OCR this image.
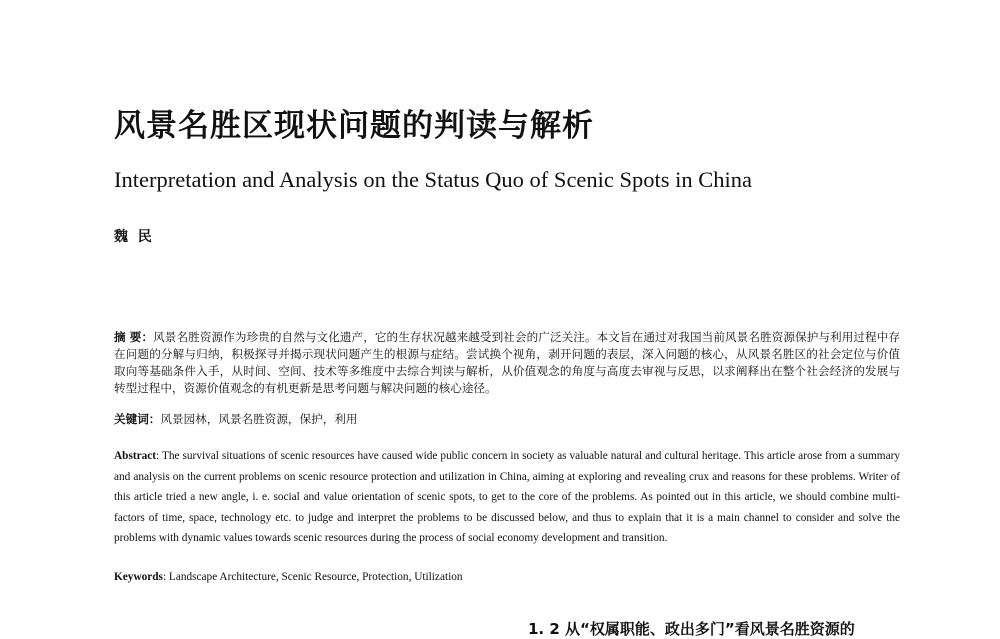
风景名胜区现状问题的判读与解析
Interpretation and Analysis on the Status Quo of Scenic Spots in China
魏  民
摘 要：风景名胜资源作为珍贵的自然与文化遗产，它的生存状况越来越受到社会的广泛关注。本文旨在通过对我国当前风景名胜资源保护与利用过程中存在问题的分解与归纳，积极探寻并揭示现状问题产生的根源与症结。尝试换个视角，剥开问题的表层，深入问题的核心，从风景名胜区的社会定位与价值取向等基础条件入手，从时间、空间、技术等多维度中去综合判读与解析，从价值观念的角度与高度去审视与反思，以求阐释出在整个社会经济的发展与转型过程中，资源价值观念的有机更新是思考问题与解决问题的核心途径。
关键词：风景园林，风景名胜资源，保护，利用
Abstract: The survival situations of scenic resources have caused wide public concern in society as valuable natural and cultural heritage. This article arose from a summary and analysis on the current problems on scenic resource protection and utilization in China, aiming at exploring and revealing crux and reasons for these problems. Writer of this article tried a new angle, i. e. social and value orientation of scenic spots, to get to the core of the problems. As pointed out in this article, we should combine multi-factors of time, space, technology etc. to judge and interpret the problems to be discussed below, and thus to explain that it is a main channel to consider and solve the problems with dynamic values towards scenic resources during the process of social economy development and transition.
Keywords: Landscape Architecture, Scenic Resource, Protection, Utilization
1. 2 从“权属职能、政出多门”看风景名胜资源的
